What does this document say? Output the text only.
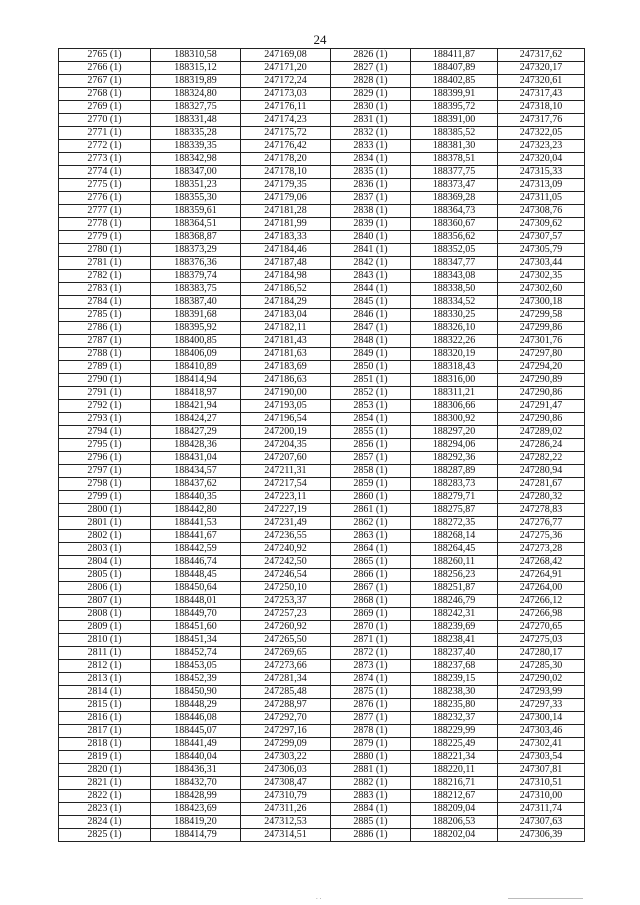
24
2765 (1)	188310,58	247169,08	2826 (1)	188411,87	247317,62
2766 (1)	188315,12	247171,20	2827 (1)	188407,89	247320,17
2767 (1)	188319,89	247172,24	2828 (1)	188402,85	247320,61
2768 (1)	188324,80	247173,03	2829 (1)	188399,91	247317,43
2769 (1)	188327,75	247176,11	2830 (1)	188395,72	247318,10
2770 (1)	188331,48	247174,23	2831 (1)	188391,00	247317,76
2771 (1)	188335,28	247175,72	2832 (1)	188385,52	247322,05
2772 (1)	188339,35	247176,42	2833 (1)	188381,30	247323,23
2773 (1)	188342,98	247178,20	2834 (1)	188378,51	247320,04
2774 (1)	188347,00	247178,10	2835 (1)	188377,75	247315,33
2775 (1)	188351,23	247179,35	2836 (1)	188373,47	247313,09
2776 (1)	188355,30	247179,06	2837 (1)	188369,28	247311,05
2777 (1)	188359,61	247181,28	2838 (1)	188364,73	247308,76
2778 (1)	188364,51	247181,99	2839 (1)	188360,67	247309,62
2779 (1)	188368,87	247183,33	2840 (1)	188356,62	247307,57
2780 (1)	188373,29	247184,46	2841 (1)	188352,05	247305,79
2781 (1)	188376,36	247187,48	2842 (1)	188347,77	247303,44
2782 (1)	188379,74	247184,98	2843 (1)	188343,08	247302,35
2783 (1)	188383,75	247186,52	2844 (1)	188338,50	247302,60
2784 (1)	188387,40	247184,29	2845 (1)	188334,52	247300,18
2785 (1)	188391,68	247183,04	2846 (1)	188330,25	247299,58
2786 (1)	188395,92	247182,11	2847 (1)	188326,10	247299,86
2787 (1)	188400,85	247181,43	2848 (1)	188322,26	247301,76
2788 (1)	188406,09	247181,63	2849 (1)	188320,19	247297,80
2789 (1)	188410,89	247183,69	2850 (1)	188318,43	247294,20
2790 (1)	188414,94	247186,63	2851 (1)	188316,00	247290,89
2791 (1)	188418,97	247190,00	2852 (1)	188311,21	247290,86
2792 (1)	188421,94	247193,05	2853 (1)	188306,66	247291,47
2793 (1)	188424,27	247196,54	2854 (1)	188300,92	247290,86
2794 (1)	188427,29	247200,19	2855 (1)	188297,20	247289,02
2795 (1)	188428,36	247204,35	2856 (1)	188294,06	247286,24
2796 (1)	188431,04	247207,60	2857 (1)	188292,36	247282,22
2797 (1)	188434,57	247211,31	2858 (1)	188287,89	247280,94
2798 (1)	188437,62	247217,54	2859 (1)	188283,73	247281,67
2799 (1)	188440,35	247223,11	2860 (1)	188279,71	247280,32
2800 (1)	188442,80	247227,19	2861 (1)	188275,87	247278,83
2801 (1)	188441,53	247231,49	2862 (1)	188272,35	247276,77
2802 (1)	188441,67	247236,55	2863 (1)	188268,14	247275,36
2803 (1)	188442,59	247240,92	2864 (1)	188264,45	247273,28
2804 (1)	188446,74	247242,50	2865 (1)	188260,11	247268,42
2805 (1)	188448,45	247246,54	2866 (1)	188256,23	247264,91
2806 (1)	188450,64	247250,10	2867 (1)	188251,87	247264,00
2807 (1)	188448,01	247253,37	2868 (1)	188246,79	247266,12
2808 (1)	188449,70	247257,23	2869 (1)	188242,31	247266,98
2809 (1)	188451,60	247260,92	2870 (1)	188239,69	247270,65
2810 (1)	188451,34	247265,50	2871 (1)	188238,41	247275,03
2811 (1)	188452,74	247269,65	2872 (1)	188237,40	247280,17
2812 (1)	188453,05	247273,66	2873 (1)	188237,68	247285,30
2813 (1)	188452,39	247281,34	2874 (1)	188239,15	247290,02
2814 (1)	188450,90	247285,48	2875 (1)	188238,30	247293,99
2815 (1)	188448,29	247288,97	2876 (1)	188235,80	247297,33
2816 (1)	188446,08	247292,70	2877 (1)	188232,37	247300,14
2817 (1)	188445,07	247297,16	2878 (1)	188229,99	247303,46
2818 (1)	188441,49	247299,09	2879 (1)	188225,49	247302,41
2819 (1)	188440,04	247303,22	2880 (1)	188221,34	247303,54
2820 (1)	188436,31	247306,03	2881 (1)	188220,11	247307,81
2821 (1)	188432,70	247308,47	2882 (1)	188216,71	247310,51
2822 (1)	188428,99	247310,79	2883 (1)	188212,67	247310,00
2823 (1)	188423,69	247311,26	2884 (1)	188209,04	247311,74
2824 (1)	188419,20	247312,53	2885 (1)	188206,53	247307,63
2825 (1)	188414,79	247314,51	2886 (1)	188202,04	247306,39
. .
